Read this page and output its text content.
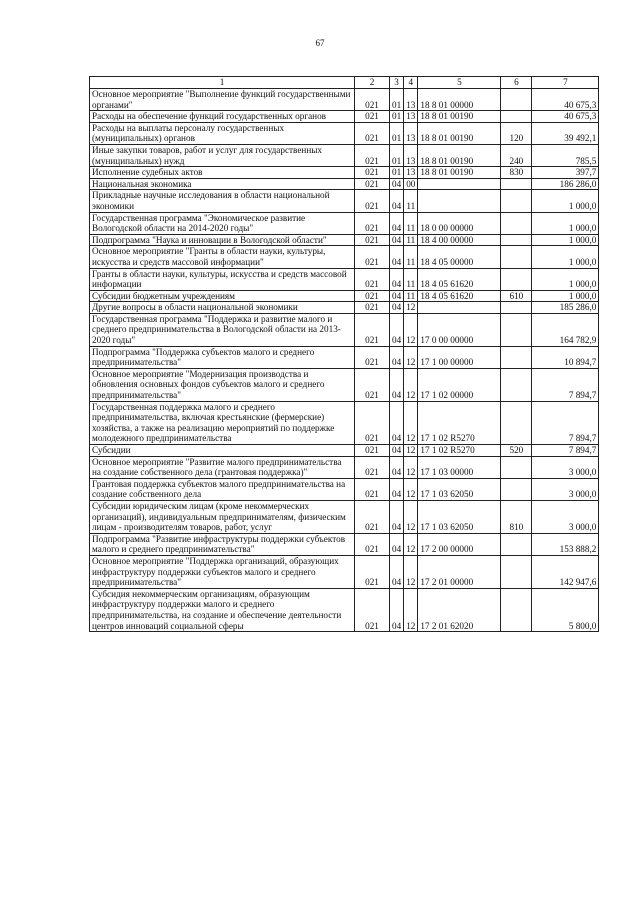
67
1	2	3	4	5	6	7
Основное мероприятие "Выполнение функций государственными органами"	021	01	13	18 8 01 00000		40 675,3
Расходы на обеспечение функций государственных органов	021	01	13	18 8 01 00190		40 675,3
Расходы на выплаты персоналу государственных (муниципальных) органов	021	01	13	18 8 01 00190	120	39 492,1
Иные закупки товаров, работ и услуг для государственных (муниципальных) нужд	021	01	13	18 8 01 00190	240	785,5
Исполнение судебных актов	021	01	13	18 8 01 00190	830	397,7
Национальная экономика	021	04	00			186 286,0
Прикладные научные исследования в области национальной экономики	021	04	11			1 000,0
Государственная программа "Экономическое развитие Вологодской области на 2014-2020 годы"	021	04	11	18 0 00 00000		1 000,0
Подпрограмма "Наука и инновации в Вологодской области"	021	04	11	18 4 00 00000		1 000,0
Основное мероприятие "Гранты в области науки, культуры, искусства и средств массовой информации"	021	04	11	18 4 05 00000		1 000,0
Гранты в области науки, культуры, искусства и средств массовой информации	021	04	11	18 4 05 61620		1 000,0
Субсидии бюджетным учреждениям	021	04	11	18 4 05 61620	610	1 000,0
Другие вопросы в области национальной экономики	021	04	12			185 286,0
Государственная программа "Поддержка и развитие малого и среднего предпринимательства в Вологодской области на 2013-2020 годы"	021	04	12	17 0 00 00000		164 782,9
Подпрограмма "Поддержка субъектов малого и среднего предпринимательства"	021	04	12	17 1 00 00000		10 894,7
Основное мероприятие "Модернизация производства и обновления основных фондов субъектов малого и среднего предпринимательства"	021	04	12	17 1 02 00000		7 894,7
Государственная поддержка малого и среднего предпринимательства, включая крестьянские (фермерские) хозяйства, а также на реализацию мероприятий по поддержке молодежного предпринимательства	021	04	12	17 1 02 R5270		7 894,7
Субсидии	021	04	12	17 1 02 R5270	520	7 894,7
Основное мероприятие "Развитие малого предпринимательства на создание собственного дела (грантовая поддержка)"	021	04	12	17 1 03 00000		3 000,0
Грантовая поддержка субъектов малого предпринимательства на создание собственного дела	021	04	12	17 1 03 62050		3 000,0
Субсидии юридическим лицам (кроме некоммерческих организаций), индивидуальным предпринимателям, физическим лицам - производителям товаров, работ, услуг	021	04	12	17 1 03 62050	810	3 000,0
Подпрограмма "Развитие инфраструктуры поддержки субъектов малого и среднего предпринимательства"	021	04	12	17 2 00 00000		153 888,2
Основное мероприятие "Поддержка организаций, образующих инфраструктуру поддержки субъектов малого и среднего предпринимательства"	021	04	12	17 2 01 00000		142 947,6
Субсидия некоммерческим организациям, образующим инфраструктуру поддержки малого и среднего предпринимательства, на создание и обеспечение деятельности центров инноваций социальной сферы	021	04	12	17 2 01 62020		5 800,0
